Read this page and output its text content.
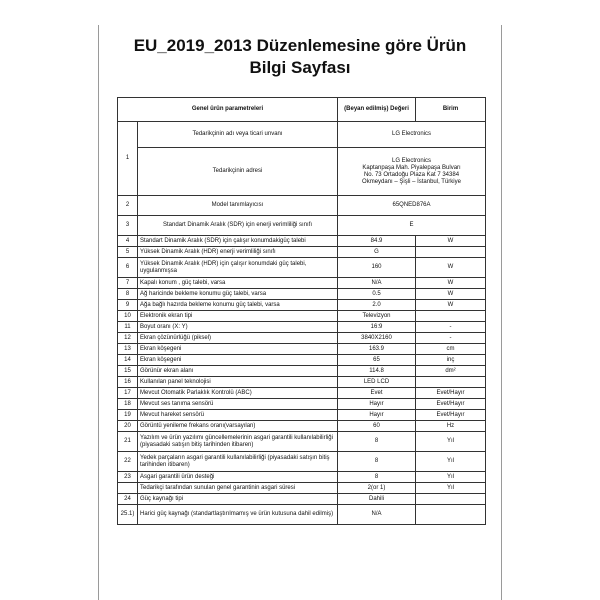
EU_2019_2013 Düzenlemesine göre Ürün
Bilgi Sayfası
Genel ürün parametreleri		(Beyan edilmiş) Değeri	Birim
1	Tedarikçinin adı veya ticari unvanı	LG Electronics	
	Tedarikçinin adresi	LG Electronics
Kaptanpaşa Mah. Piyalepaşa Bulvarı
No. 73 Ortadoğu Plaza Kat 7 34384
Okmeydanı – Şişli – İstanbul, Türkiye	

2	Model tanımlayıcısı	65QNED876A	
3	Standart Dinamik Aralık (SDR) için enerji verimliliği sınıfı	E	
4	Standart Dinamik Aralık (SDR) için çalışır konumdakigüç talebi	84.9	W
5	Yüksek Dinamik Aralık (HDR) enerji verimliliği sınıfı	G	
6	Yüksek Dinamik Aralık (HDR) için çalışır konumdaki güç talebi, uygulanmışsa	160	W
7	Kapalı konum , güç talebi, varsa	N/A	W
8	Ağ haricinde bekleme konumu güç talebi, varsa	0.5	W
9	Ağa bağlı hazırda bekleme konumu güç talebi, varsa	2.0	W
10	Elektronik ekran tipi	Televizyon	
11	Boyut oranı (X: Y)	16:9	-
12	Ekran çözünürlüğü (piksel)	3840X2160	-
13	Ekran köşegeni	163.9	cm
14	Ekran köşegeni	65	inç
15	Görünür ekran alanı	114.8	dm²
16	Kullanılan panel teknolojisi	LED LCD	
17	Mevcut Otomatik Parlaklık Kontrolü (ABC)	Evet	Evet/Hayır
18	Mevcut ses tanıma sensörü	Hayır	Evet/Hayır
19	Mevcut hareket sensörü	Hayır	Evet/Hayır
20	Görüntü yenileme frekans oranı(varsayılan)	60	Hz
21	Yazılım ve ürün yazılımı güncellemelerinin asgari garantili kullanılabilirliği (piyasadaki satışın bitiş tarihinden itibaren)	8	Yıl
22	Yedek parçaların asgari garantili kullanılabilirliği (piyasadaki satışın bitiş tarihinden itibaren)	8	Yıl
23	Asgari garantili ürün desteği	8	Yıl
	Tedarikçi tarafından sunulan genel garantinin asgari süresi	2(or 1)	Yıl
24	Güç kaynağı tipi	Dahili	
25.1)	Harici güç kaynağı (standartlaştırılmamış ve ürün kutusuna dahil edilmiş)	N/A	
